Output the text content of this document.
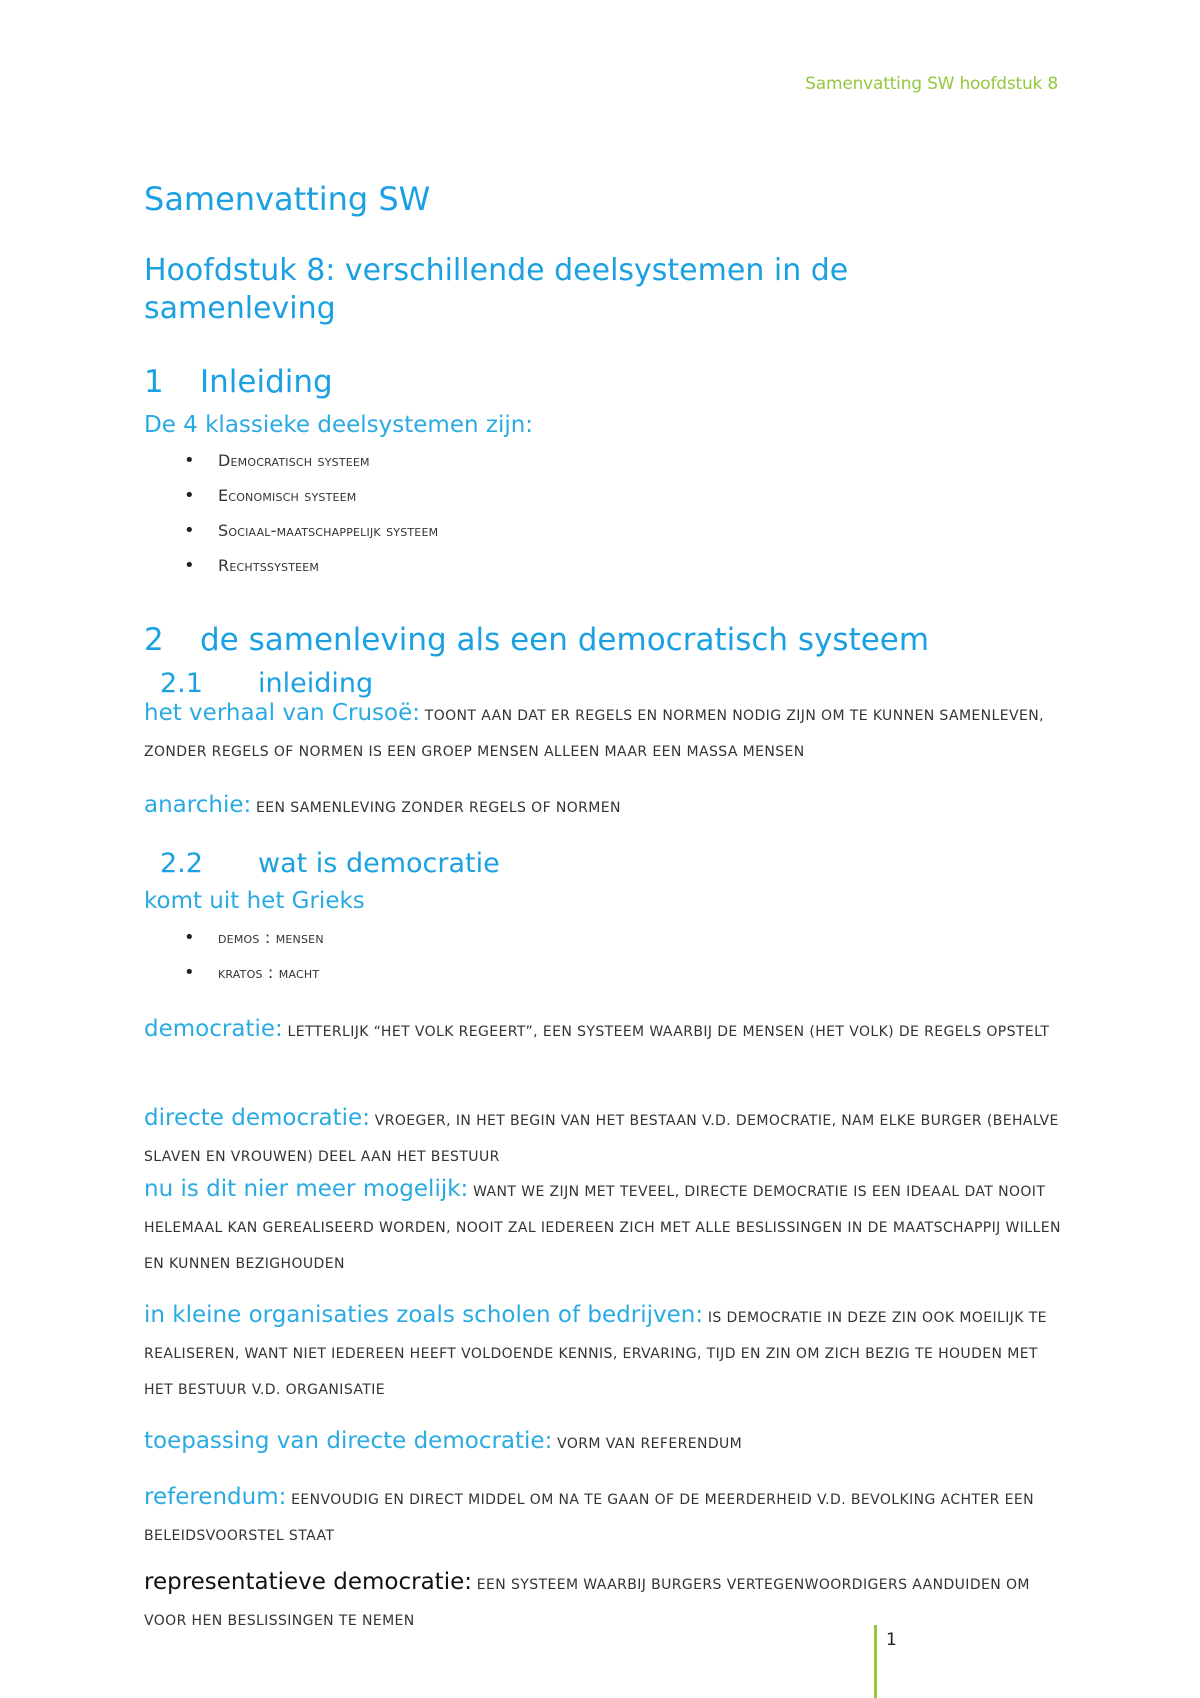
Samenvatting SW hoofdstuk 8
Samenvatting SW
Hoofdstuk 8: verschillende deelsystemen in de samenleving
1 Inleiding
De 4 klassieke deelsystemen zijn:
• Democratisch systeem
• Economisch systeem
• Sociaal-maatschappelijk systeem
• Rechtssysteem
2 de samenleving als een democratisch systeem
2.1 inleiding
het verhaal van Crusoë: TOONT AAN DAT ER REGELS EN NORMEN NODIG ZIJN OM TE KUNNEN SAMENLEVEN, ZONDER REGELS OF NORMEN IS EEN GROEP MENSEN ALLEEN MAAR EEN MASSA MENSEN
anarchie: EEN SAMENLEVING ZONDER REGELS OF NORMEN
2.2 wat is democratie
komt uit het Grieks
• demos : mensen
• kratos : macht
democratie: LETTERLIJK “HET VOLK REGEERT”, EEN SYSTEEM WAARBIJ DE MENSEN (HET VOLK) DE REGELS OPSTELT
directe democratie: VROEGER, IN HET BEGIN VAN HET BESTAAN V.D. DEMOCRATIE, NAM ELKE BURGER (BEHALVE SLAVEN EN VROUWEN) DEEL AAN HET BESTUUR
nu is dit nier meer mogelijk: WANT WE ZIJN MET TEVEEL, DIRECTE DEMOCRATIE IS EEN IDEAAL DAT NOOIT HELEMAAL KAN GEREALISEERD WORDEN, NOOIT ZAL IEDEREEN ZICH MET ALLE BESLISSINGEN IN DE MAATSCHAPPIJ WILLEN EN KUNNEN BEZIGHOUDEN
in kleine organisaties zoals scholen of bedrijven: IS DEMOCRATIE IN DEZE ZIN OOK MOEILIJK TE REALISEREN, WANT NIET IEDEREEN HEEFT VOLDOENDE KENNIS, ERVARING, TIJD EN ZIN OM ZICH BEZIG TE HOUDEN MET HET BESTUUR V.D. ORGANISATIE
toepassing van directe democratie: VORM VAN REFERENDUM
referendum: EENVOUDIG EN DIRECT MIDDEL OM NA TE GAAN OF DE MEERDERHEID V.D. BEVOLKING ACHTER EEN BELEIDSVOORSTEL STAAT
representatieve democratie: EEN SYSTEEM WAARBIJ BURGERS VERTEGENWOORDIGERS AANDUIDEN OM VOOR HEN BESLISSINGEN TE NEMEN
1
